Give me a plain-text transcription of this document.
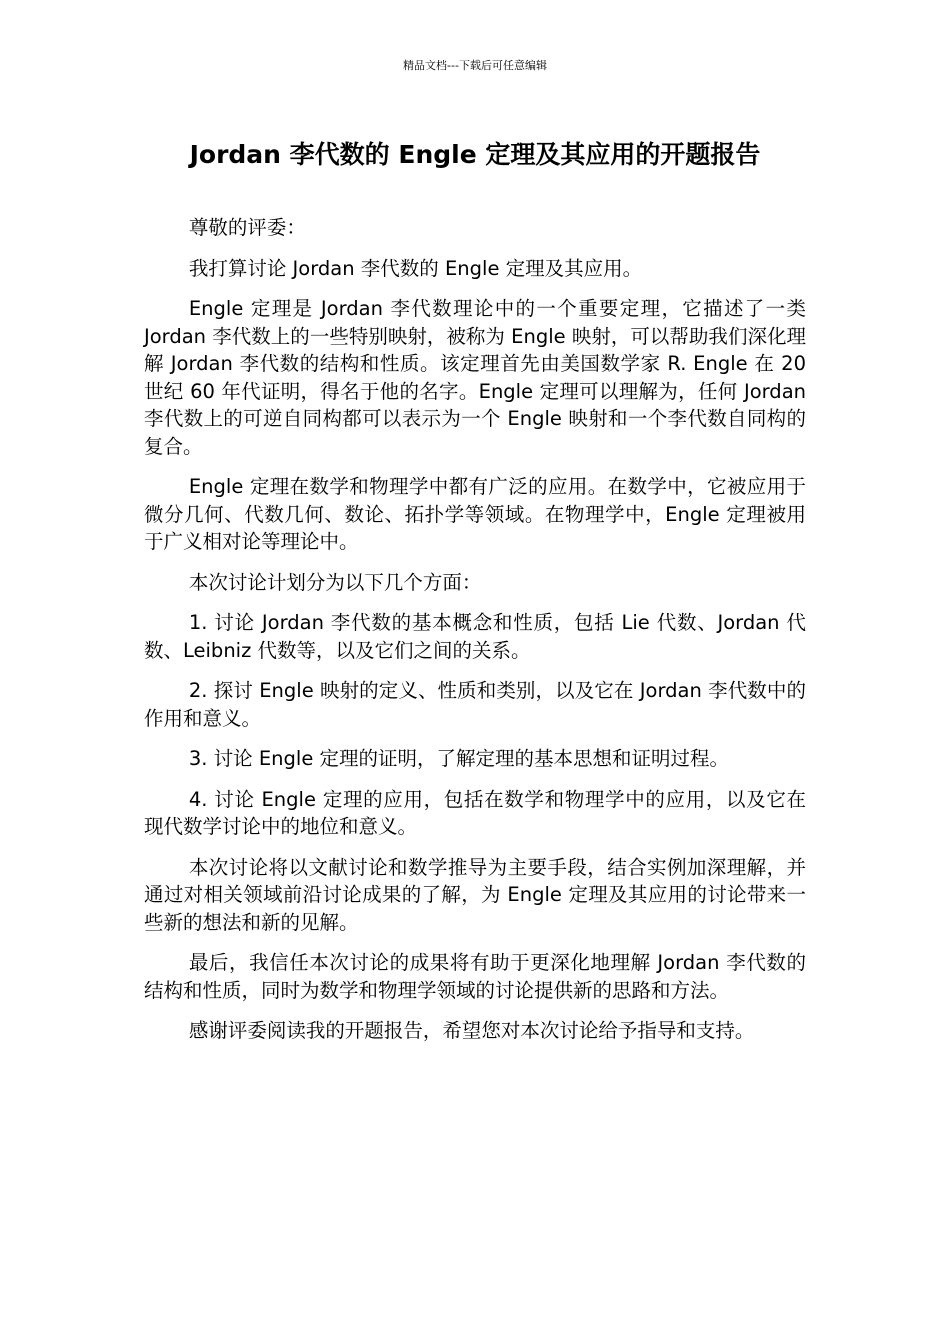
精品文档---下载后可任意编辑
Jordan 李代数的 Engle 定理及其应用的开题报告

尊敬的评委：

我打算讨论 Jordan 李代数的 Engle 定理及其应用。

Engle 定理是 Jordan 李代数理论中的一个重要定理，它描述了一类 Jordan 李代数上的一些特别映射，被称为 Engle 映射，可以帮助我们深化理解 Jordan 李代数的结构和性质。该定理首先由美国数学家 R. Engle 在 20 世纪 60 年代证明，得名于他的名字。Engle 定理可以理解为，任何 Jordan 李代数上的可逆自同构都可以表示为一个 Engle 映射和一个李代数自同构的复合。

Engle 定理在数学和物理学中都有广泛的应用。在数学中，它被应用于微分几何、代数几何、数论、拓扑学等领域。在物理学中，Engle 定理被用于广义相对论等理论中。

本次讨论计划分为以下几个方面：

1. 讨论 Jordan 李代数的基本概念和性质，包括 Lie 代数、Jordan 代数、Leibniz 代数等，以及它们之间的关系。

2. 探讨 Engle 映射的定义、性质和类别，以及它在 Jordan 李代数中的作用和意义。

3. 讨论 Engle 定理的证明，了解定理的基本思想和证明过程。

4. 讨论 Engle 定理的应用，包括在数学和物理学中的应用，以及它在现代数学讨论中的地位和意义。

本次讨论将以文献讨论和数学推导为主要手段，结合实例加深理解，并通过对相关领域前沿讨论成果的了解，为 Engle 定理及其应用的讨论带来一些新的想法和新的见解。

最后，我信任本次讨论的成果将有助于更深化地理解 Jordan 李代数的结构和性质，同时为数学和物理学领域的讨论提供新的思路和方法。

感谢评委阅读我的开题报告，希望您对本次讨论给予指导和支持。
